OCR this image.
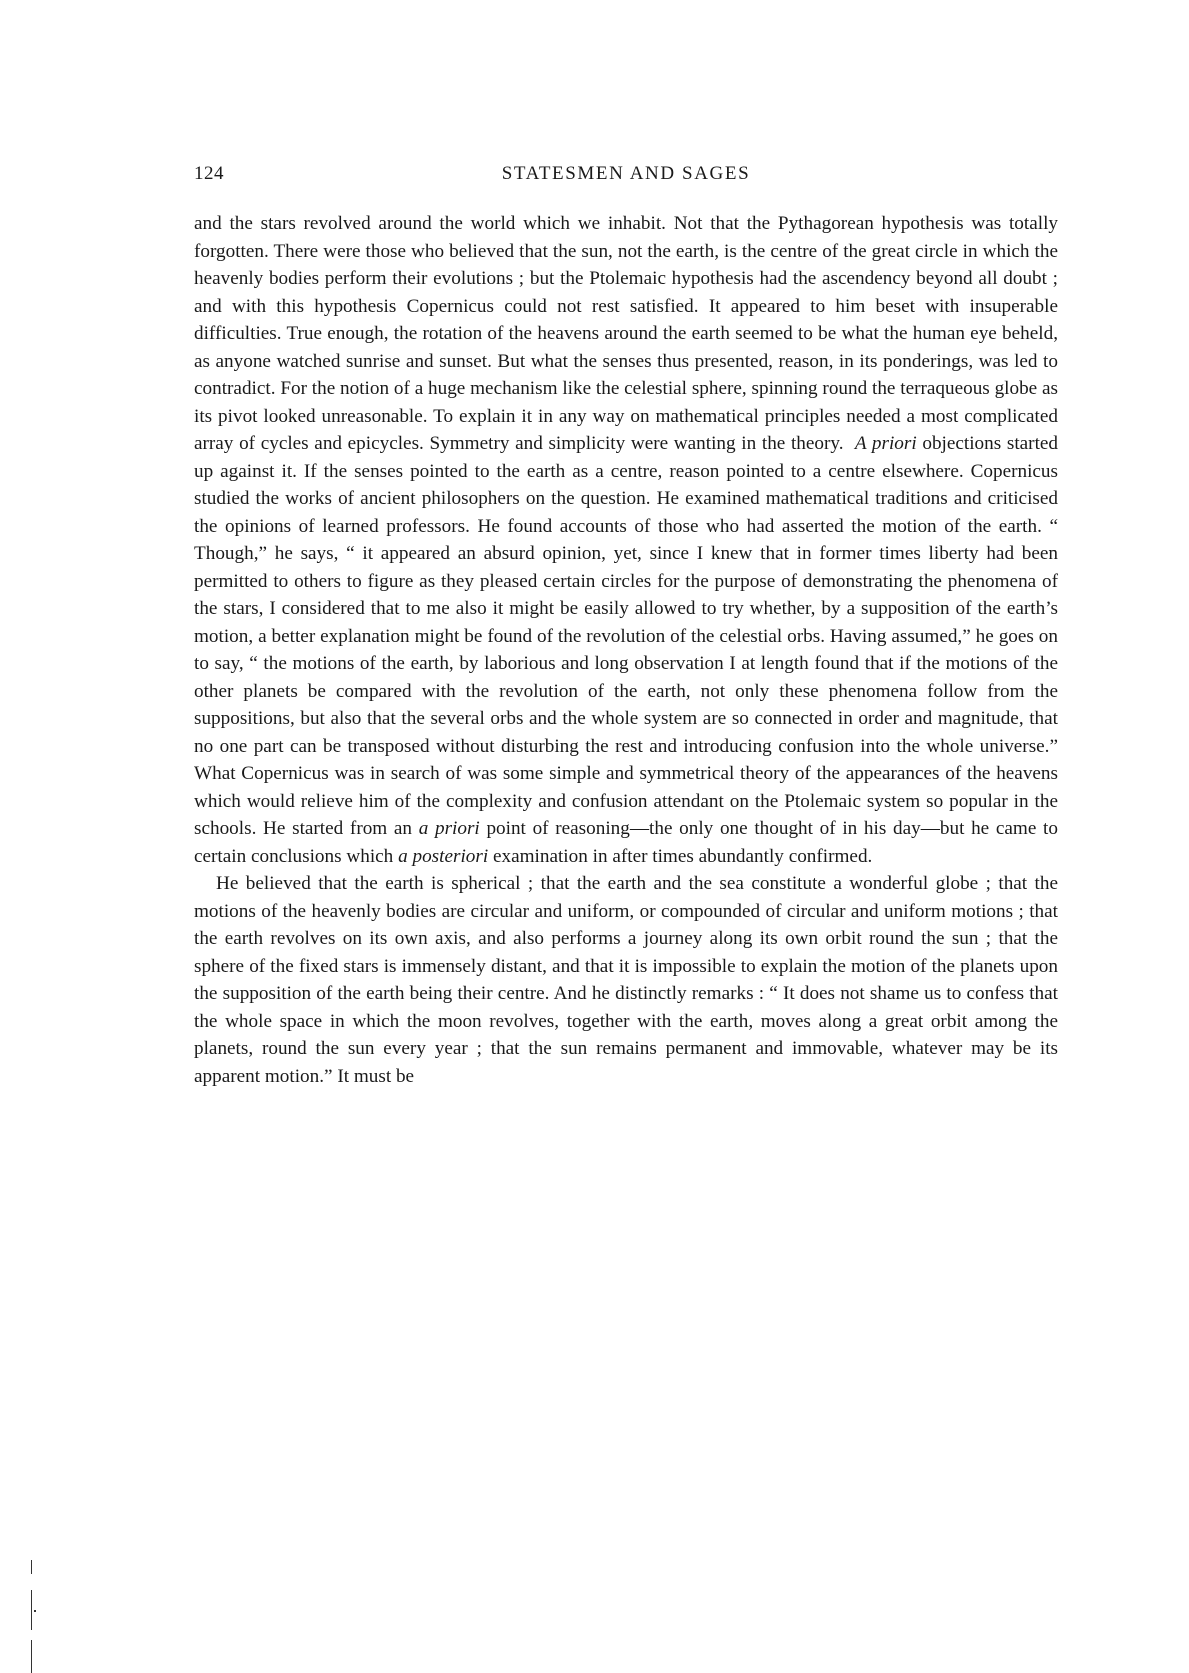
124	STATESMEN AND SAGES

and the stars revolved around the world which we inhabit. Not that the Pythagorean hypothesis was totally forgotten. There were those who believed that the sun, not the earth, is the centre of the great circle in which the heavenly bodies perform their evolutions ; but the Ptolemaic hypothesis had the ascendency beyond all doubt ; and with this hypothesis Copernicus could not rest satisfied. It appeared to him beset with insuperable difficulties. True enough, the rotation of the heavens around the earth seemed to be what the human eye beheld, as anyone watched sunrise and sunset. But what the senses thus presented, reason, in its ponderings, was led to contradict. For the notion of a huge mechanism like the celestial sphere, spinning round the terraqueous globe as its pivot looked unreasonable. To explain it in any way on mathematical principles needed a most complicated array of cycles and epicycles. Symmetry and simplicity were wanting in the theory. A priori objections started up against it. If the senses pointed to the earth as a centre, reason pointed to a centre elsewhere. Copernicus studied the works of ancient philosophers on the question. He examined mathematical traditions and criticised the opinions of learned professors. He found accounts of those who had asserted the motion of the earth. “ Though,” he says, “ it appeared an absurd opinion, yet, since I knew that in former times liberty had been permitted to others to figure as they pleased certain circles for the purpose of demonstrating the phenomena of the stars, I considered that to me also it might be easily allowed to try whether, by a supposition of the earth’s motion, a better explanation might be found of the revolution of the celestial orbs. Having assumed,” he goes on to say, “ the motions of the earth, by laborious and long observation I at length found that if the motions of the other planets be compared with the revolution of the earth, not only these phenomena follow from the suppositions, but also that the several orbs and the whole system are so connected in order and magnitude, that no one part can be transposed without disturbing the rest and introducing confusion into the whole universe.” What Copernicus was in search of was some simple and symmetrical theory of the appearances of the heavens which would relieve him of the complexity and confusion attendant on the Ptolemaic system so popular in the schools. He started from an a priori point of reasoning—the only one thought of in his day—but he came to certain conclusions which a posteriori examination in after times abundantly confirmed.

He believed that the earth is spherical ; that the earth and the sea constitute a wonderful globe ; that the motions of the heavenly bodies are circular and uniform, or compounded of circular and uniform motions ; that the earth revolves on its own axis, and also performs a journey along its own orbit round the sun ; that the sphere of the fixed stars is immensely distant, and that it is impossible to explain the motion of the planets upon the supposition of the earth being their centre. And he distinctly remarks : “ It does not shame us to confess that the whole space in which the moon revolves, together with the earth, moves along a great orbit among the planets, round the sun every year ; that the sun remains permanent and immovable, whatever may be its apparent motion.” It must be
